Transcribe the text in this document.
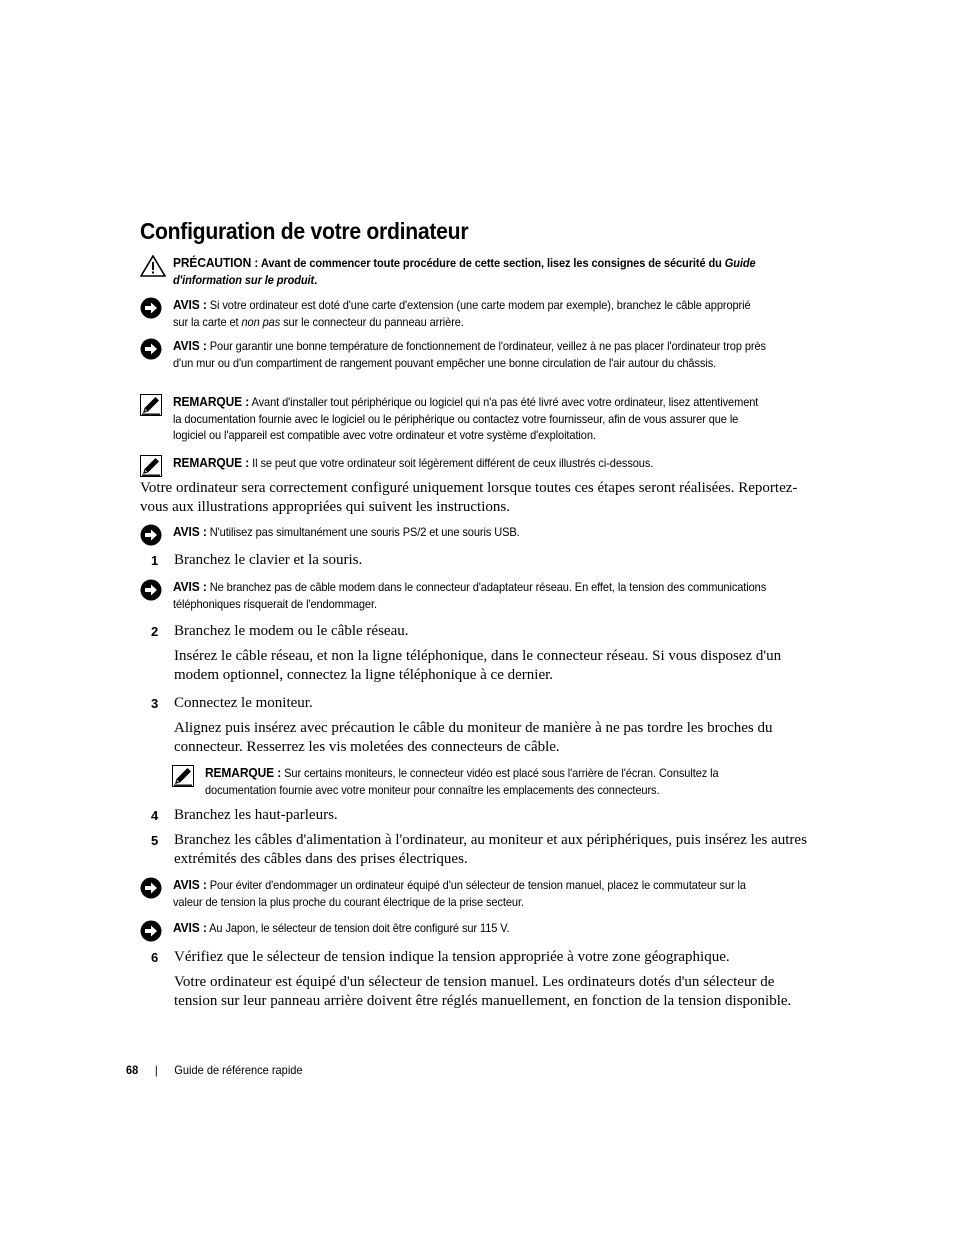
Configuration de votre ordinateur
PRÉCAUTION : Avant de commencer toute procédure de cette section, lisez les consignes de sécurité du Guide d'information sur le produit.
AVIS : Si votre ordinateur est doté d'une carte d'extension (une carte modem par exemple), branchez le câble approprié sur la carte et non pas sur le connecteur du panneau arrière.
AVIS : Pour garantir une bonne température de fonctionnement de l'ordinateur, veillez à ne pas placer l'ordinateur trop près d'un mur ou d'un compartiment de rangement pouvant empêcher une bonne circulation de l'air autour du châssis.
REMARQUE : Avant d'installer tout périphérique ou logiciel qui n'a pas été livré avec votre ordinateur, lisez attentivement la documentation fournie avec le logiciel ou le périphérique ou contactez votre fournisseur, afin de vous assurer que le logiciel ou l'appareil est compatible avec votre ordinateur et votre système d'exploitation.
REMARQUE : Il se peut que votre ordinateur soit légèrement différent de ceux illustrés ci-dessous.

Votre ordinateur sera correctement configuré uniquement lorsque toutes ces étapes seront réalisées. Reportez-vous aux illustrations appropriées qui suivent les instructions.

AVIS : N'utilisez pas simultanément une souris PS/2 et une souris USB.
1 Branchez le clavier et la souris.
AVIS : Ne branchez pas de câble modem dans le connecteur d'adaptateur réseau. En effet, la tension des communications téléphoniques risquerait de l'endommager.
2 Branchez le modem ou le câble réseau.
Insérez le câble réseau, et non la ligne téléphonique, dans le connecteur réseau. Si vous disposez d'un modem optionnel, connectez la ligne téléphonique à ce dernier.
3 Connectez le moniteur.
Alignez puis insérez avec précaution le câble du moniteur de manière à ne pas tordre les broches du connecteur. Resserrez les vis moletées des connecteurs de câble.
REMARQUE : Sur certains moniteurs, le connecteur vidéo est placé sous l'arrière de l'écran. Consultez la documentation fournie avec votre moniteur pour connaître les emplacements des connecteurs.
4 Branchez les haut-parleurs.
5 Branchez les câbles d'alimentation à l'ordinateur, au moniteur et aux périphériques, puis insérez les autres extrémités des câbles dans des prises électriques.
AVIS : Pour éviter d'endommager un ordinateur équipé d'un sélecteur de tension manuel, placez le commutateur sur la valeur de tension la plus proche du courant électrique de la prise secteur.
AVIS : Au Japon, le sélecteur de tension doit être configuré sur 115 V.
6 Vérifiez que le sélecteur de tension indique la tension appropriée à votre zone géographique.
Votre ordinateur est équipé d'un sélecteur de tension manuel. Les ordinateurs dotés d'un sélecteur de tension sur leur panneau arrière doivent être réglés manuellement, en fonction de la tension disponible.
68 | Guide de référence rapide
